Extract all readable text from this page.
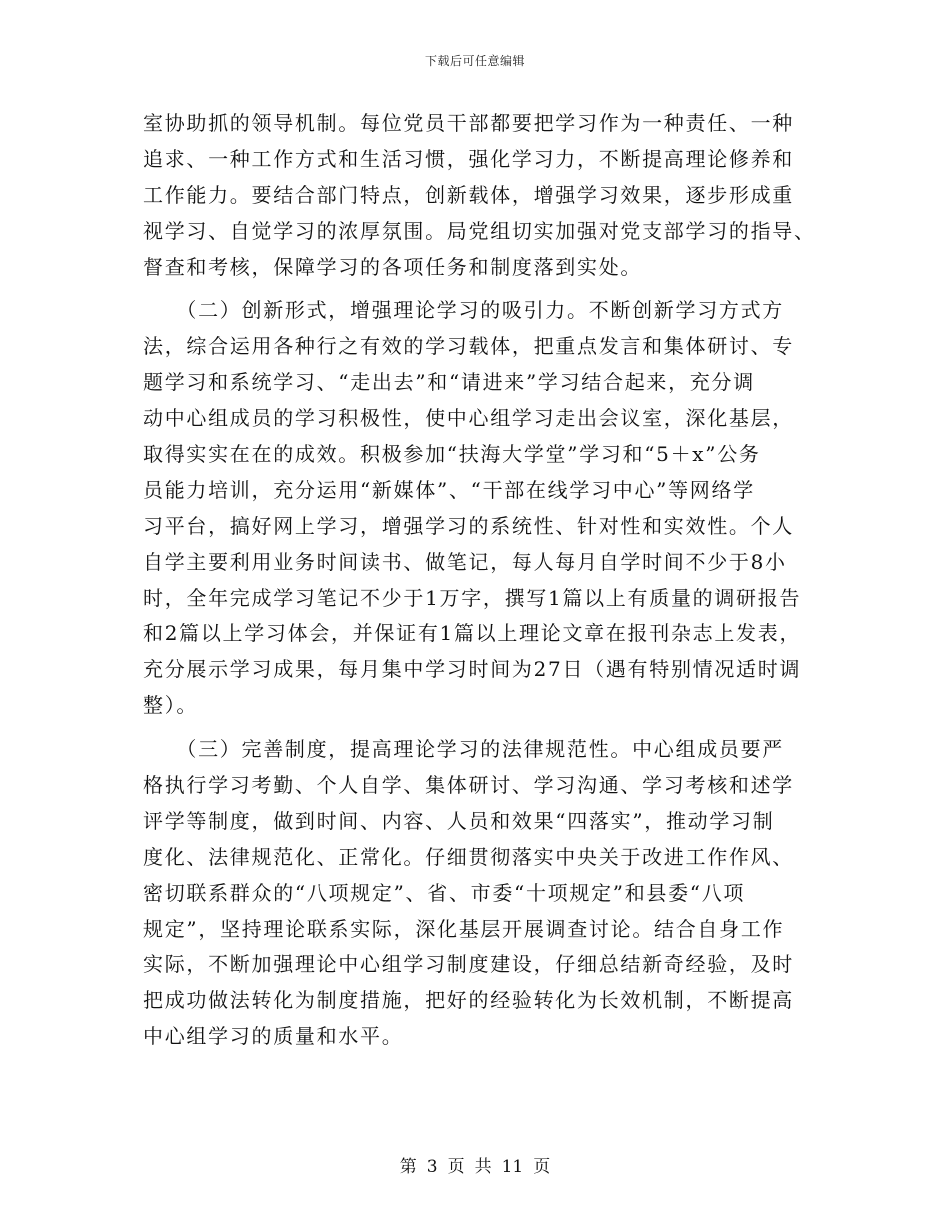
下载后可任意编辑
室协助抓的领导机制。每位党员干部都要把学习作为一种责任、一种
追求、一种工作方式和生活习惯，强化学习力，不断提高理论修养和
工作能力。要结合部门特点，创新载体，增强学习效果，逐步形成重
视学习、自觉学习的浓厚氛围。局党组切实加强对党支部学习的指导、
督查和考核，保障学习的各项任务和制度落到实处。
　　（二）创新形式，增强理论学习的吸引力。不断创新学习方式方
法，综合运用各种行之有效的学习载体，把重点发言和集体研讨、专
题学习和系统学习、“走出去”和“请进来”学习结合起来，充分调
动中心组成员的学习积极性，使中心组学习走出会议室，深化基层，
取得实实在在的成效。积极参加“扶海大学堂”学习和“5＋x”公务
员能力培训，充分运用“新媒体”、“干部在线学习中心”等网络学
习平台，搞好网上学习，增强学习的系统性、针对性和实效性。个人
自学主要利用业务时间读书、做笔记，每人每月自学时间不少于8小
时，全年完成学习笔记不少于1万字，撰写1篇以上有质量的调研报告
和2篇以上学习体会，并保证有1篇以上理论文章在报刊杂志上发表，
充分展示学习成果，每月集中学习时间为27日（遇有特别情况适时调
整）。
　　（三）完善制度，提高理论学习的法律规范性。中心组成员要严
格执行学习考勤、个人自学、集体研讨、学习沟通、学习考核和述学
评学等制度，做到时间、内容、人员和效果“四落实”，推动学习制
度化、法律规范化、正常化。仔细贯彻落实中央关于改进工作作风、
密切联系群众的“八项规定”、省、市委“十项规定”和县委“八项
规定”，坚持理论联系实际，深化基层开展调查讨论。结合自身工作
实际，不断加强理论中心组学习制度建设，仔细总结新奇经验，及时
把成功做法转化为制度措施，把好的经验转化为长效机制，不断提高
中心组学习的质量和水平。
第 3 页 共 11 页
